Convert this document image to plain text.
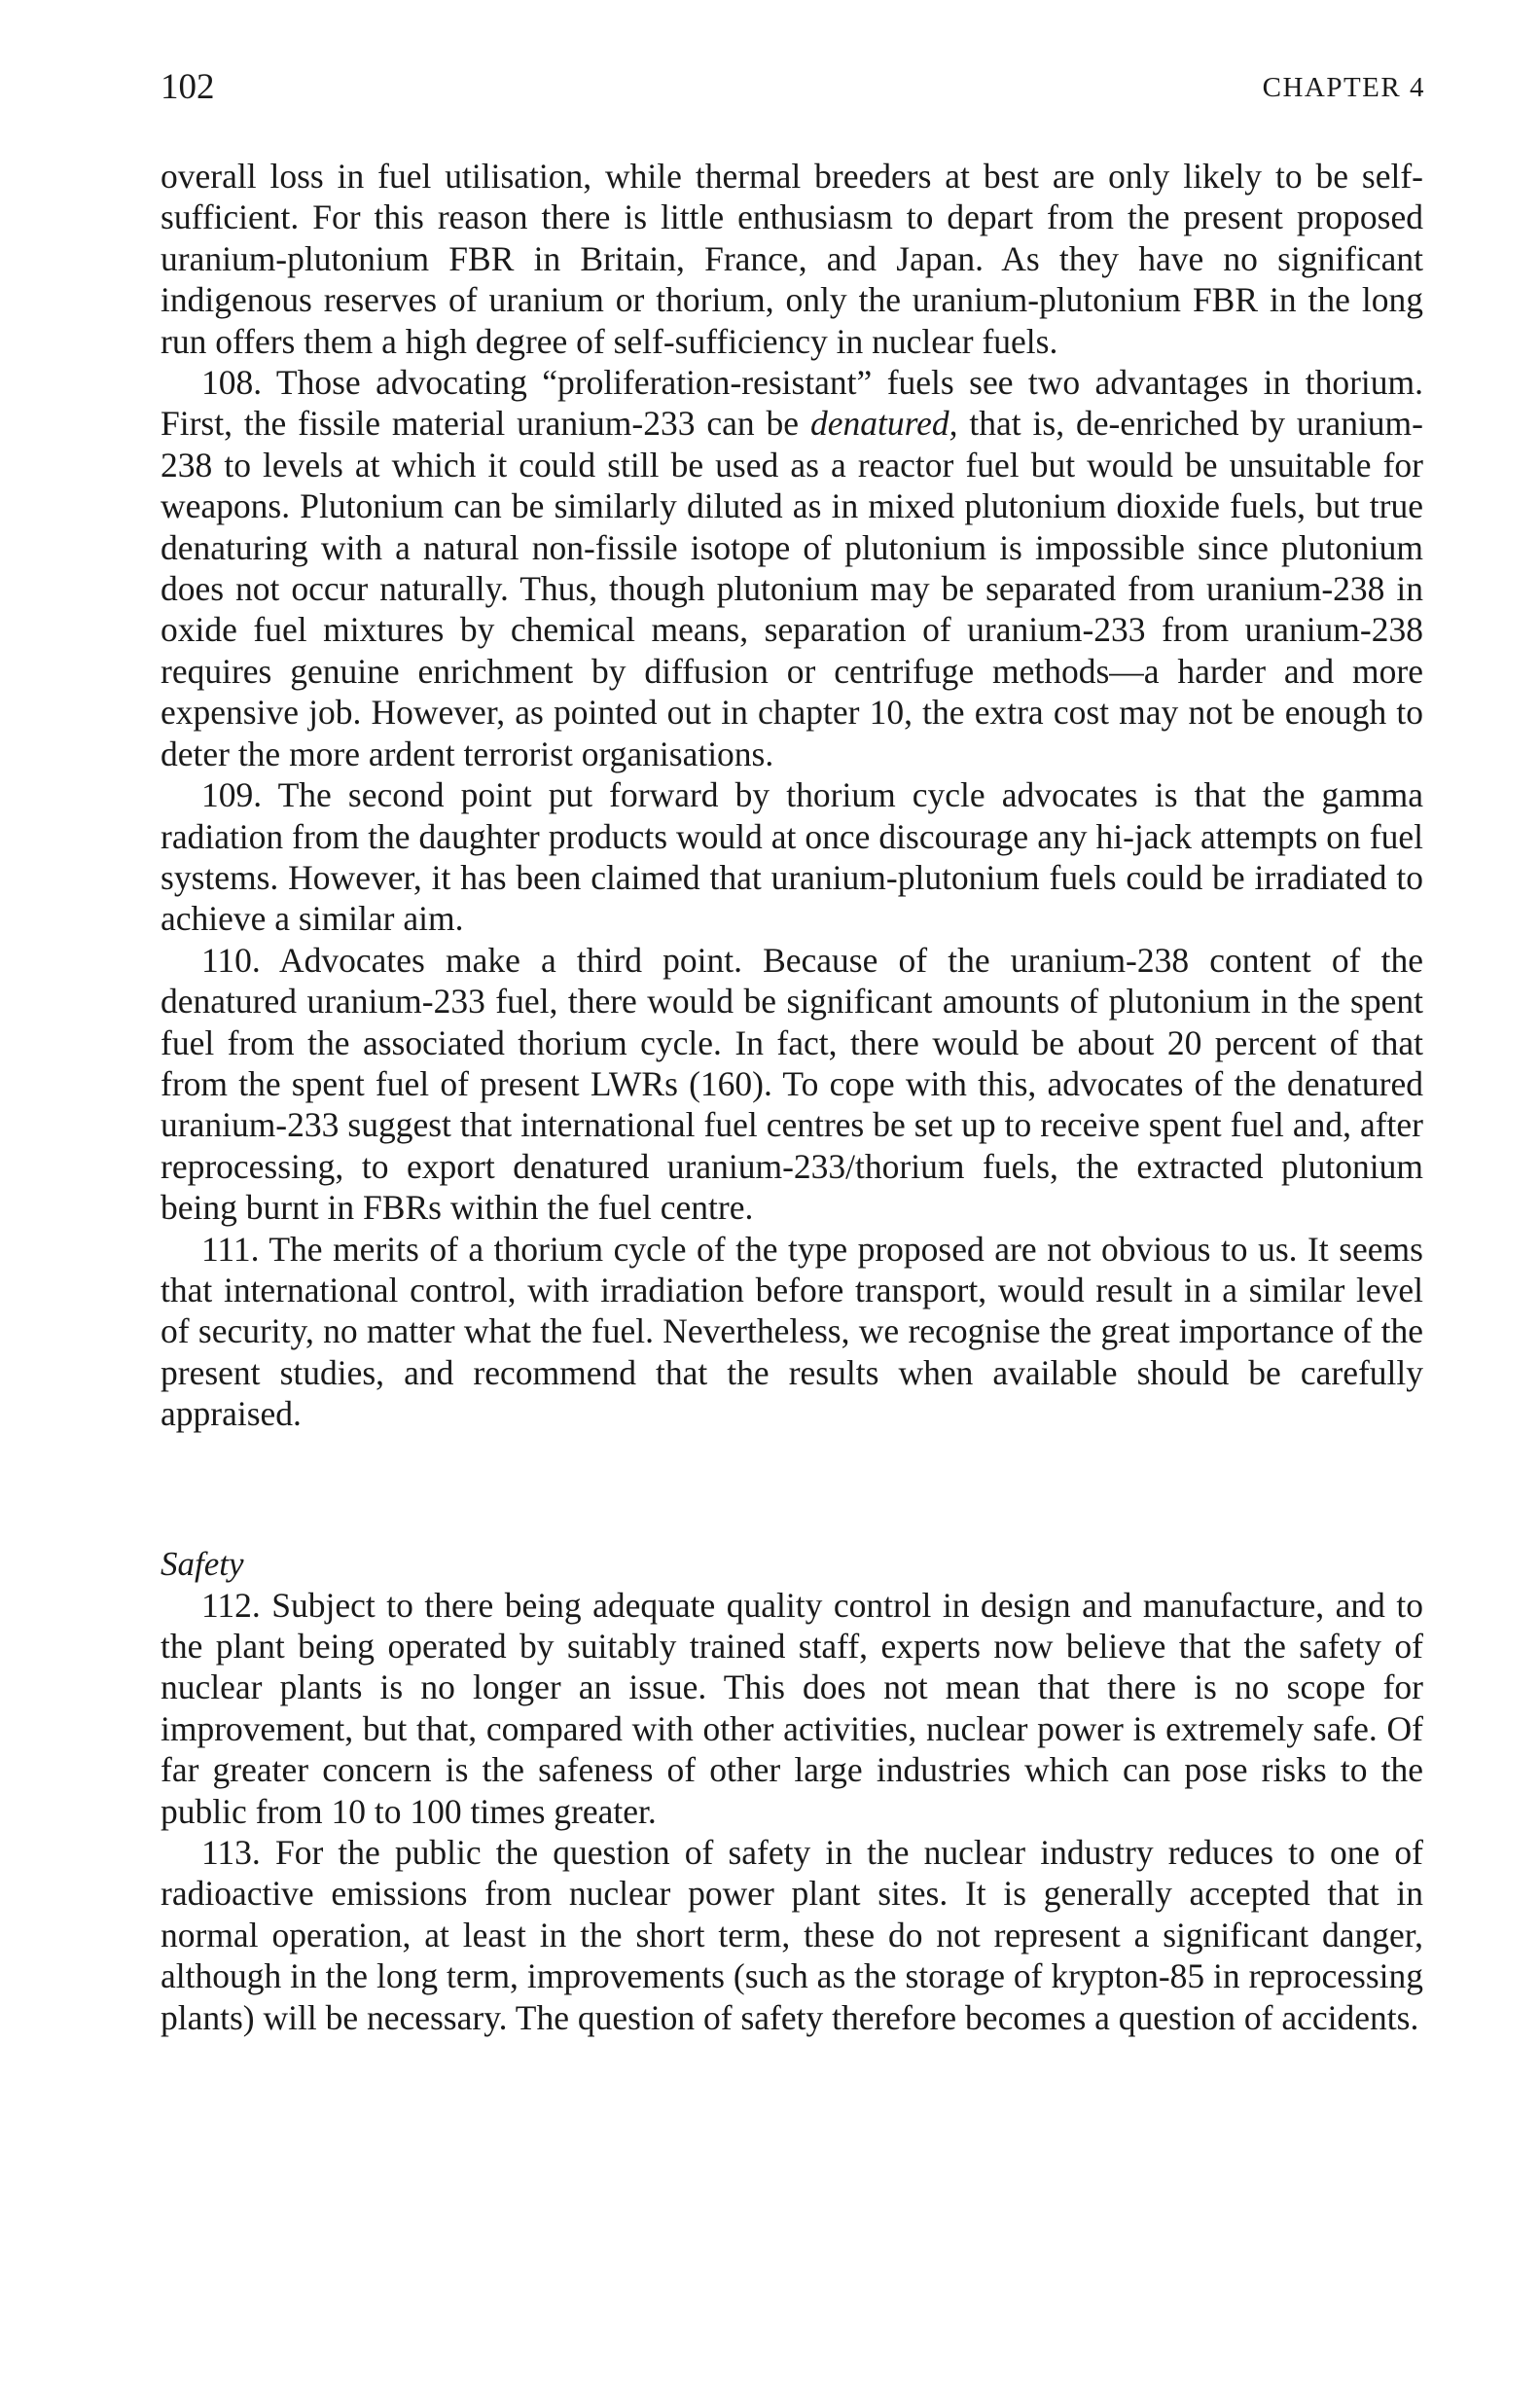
102	CHAPTER 4

overall loss in fuel utilisation, while thermal breeders at best are only likely to be self-sufficient. For this reason there is little enthusiasm to depart from the present proposed uranium-plutonium FBR in Britain, France, and Japan. As they have no significant indigenous reserves of uranium or thorium, only the uranium-plutonium FBR in the long run offers them a high degree of self-sufficiency in nuclear fuels.

108. Those advocating “proliferation-resistant” fuels see two advantages in thorium. First, the fissile material uranium-233 can be denatured, that is, de-enriched by uranium-238 to levels at which it could still be used as a reactor fuel but would be unsuitable for weapons. Plutonium can be similarly diluted as in mixed plutonium dioxide fuels, but true denaturing with a natural non-fissile isotope of plutonium is impossible since plutonium does not occur naturally. Thus, though plutonium may be separated from uranium-238 in oxide fuel mixtures by chemical means, separation of uranium-233 from uranium-238 requires genuine enrichment by diffusion or centrifuge methods—a harder and more expensive job. However, as pointed out in chapter 10, the extra cost may not be enough to deter the more ardent terrorist organisations.

109. The second point put forward by thorium cycle advocates is that the gamma radiation from the daughter products would at once discourage any hi-jack attempts on fuel systems. However, it has been claimed that uranium-plutonium fuels could be irradiated to achieve a similar aim.

110. Advocates make a third point. Because of the uranium-238 content of the denatured uranium-233 fuel, there would be significant amounts of plutonium in the spent fuel from the associated thorium cycle. In fact, there would be about 20 percent of that from the spent fuel of present LWRs (160). To cope with this, advocates of the denatured uranium-233 suggest that international fuel centres be set up to receive spent fuel and, after reprocessing, to export denatured uranium-233/thorium fuels, the extracted plutonium being burnt in FBRs within the fuel centre.

111. The merits of a thorium cycle of the type proposed are not obvious to us. It seems that international control, with irradiation before transport, would result in a similar level of security, no matter what the fuel. Nevertheless, we recognise the great importance of the present studies, and recommend that the results when available should be carefully appraised.

Safety

112. Subject to there being adequate quality control in design and manufacture, and to the plant being operated by suitably trained staff, experts now believe that the safety of nuclear plants is no longer an issue. This does not mean that there is no scope for improvement, but that, compared with other activities, nuclear power is extremely safe. Of far greater concern is the safeness of other large industries which can pose risks to the public from 10 to 100 times greater.

113. For the public the question of safety in the nuclear industry reduces to one of radioactive emissions from nuclear power plant sites. It is generally accepted that in normal operation, at least in the short term, these do not represent a significant danger, although in the long term, improvements (such as the storage of krypton-85 in reprocessing plants) will be necessary. The question of safety therefore becomes a question of accidents.
